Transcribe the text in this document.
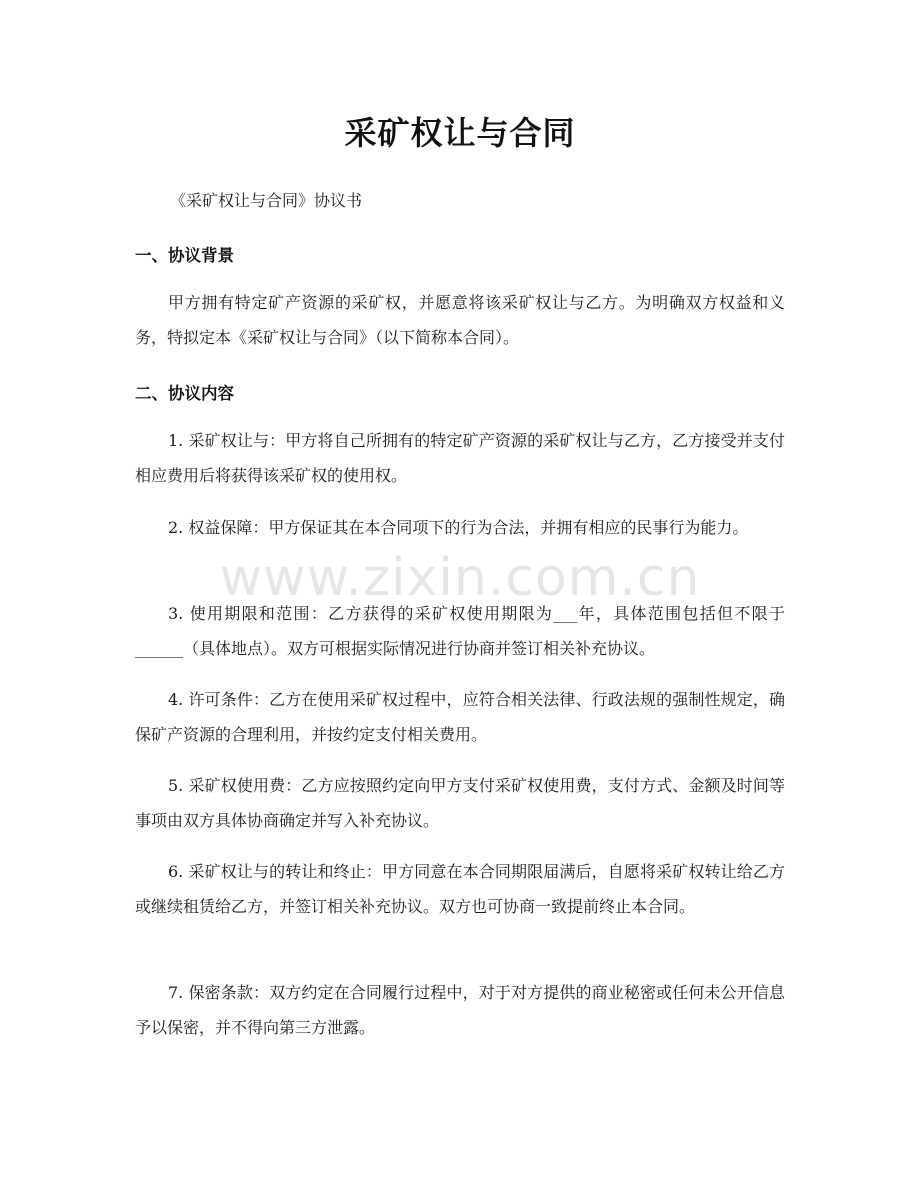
采矿权让与合同
《采矿权让与合同》协议书
一、协议背景
甲方拥有特定矿产资源的采矿权，并愿意将该采矿权让与乙方。为明确双方权益和义务，特拟定本《采矿权让与合同》（以下简称本合同）。
二、协议内容
1. 采矿权让与：甲方将自己所拥有的特定矿产资源的采矿权让与乙方，乙方接受并支付相应费用后将获得该采矿权的使用权。
2. 权益保障：甲方保证其在本合同项下的行为合法，并拥有相应的民事行为能力。
3. 使用期限和范围：乙方获得的采矿权使用期限为___年，具体范围包括但不限于______（具体地点）。双方可根据实际情况进行协商并签订相关补充协议。
4. 许可条件：乙方在使用采矿权过程中，应符合相关法律、行政法规的强制性规定，确保矿产资源的合理利用，并按约定支付相关费用。
5. 采矿权使用费：乙方应按照约定向甲方支付采矿权使用费，支付方式、金额及时间等事项由双方具体协商确定并写入补充协议。
6. 采矿权让与的转让和终止：甲方同意在本合同期限届满后，自愿将采矿权转让给乙方或继续租赁给乙方，并签订相关补充协议。双方也可协商一致提前终止本合同。
7. 保密条款：双方约定在合同履行过程中，对于对方提供的商业秘密或任何未公开信息予以保密，并不得向第三方泄露。
www.zixin.com.cn
